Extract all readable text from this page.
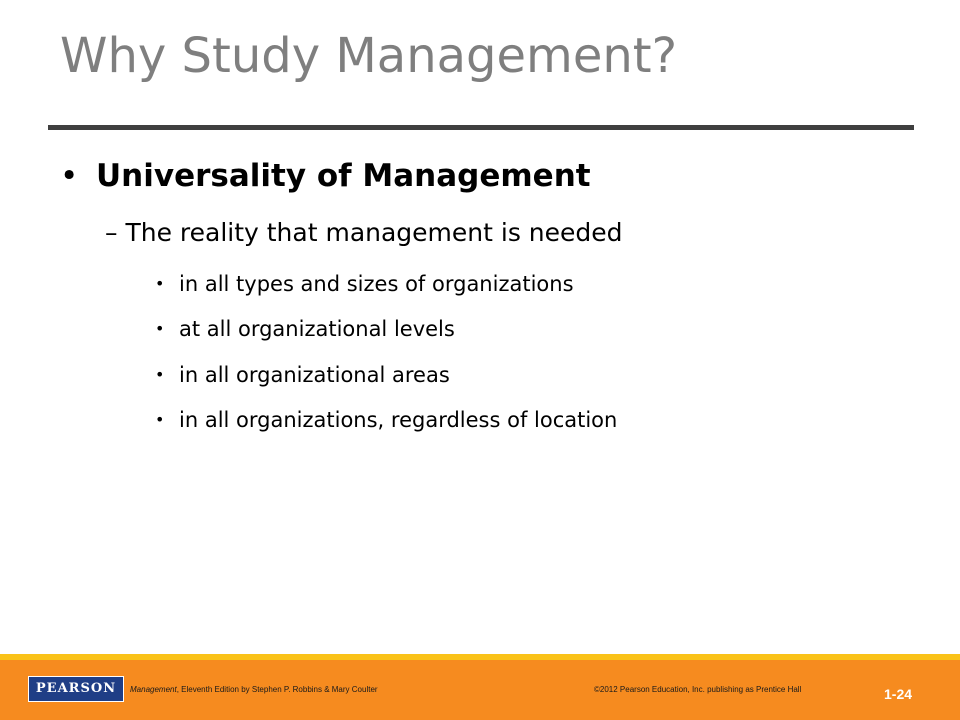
Why Study Management?
• Universality of Management
– The reality that management is needed
• in all types and sizes of organizations
• at all organizational levels
• in all organizational areas
• in all organizations, regardless of location
PEARSON	Management, Eleventh Edition by Stephen P. Robbins & Mary Coulter	©2012 Pearson Education, Inc. publishing as Prentice Hall	1-24
